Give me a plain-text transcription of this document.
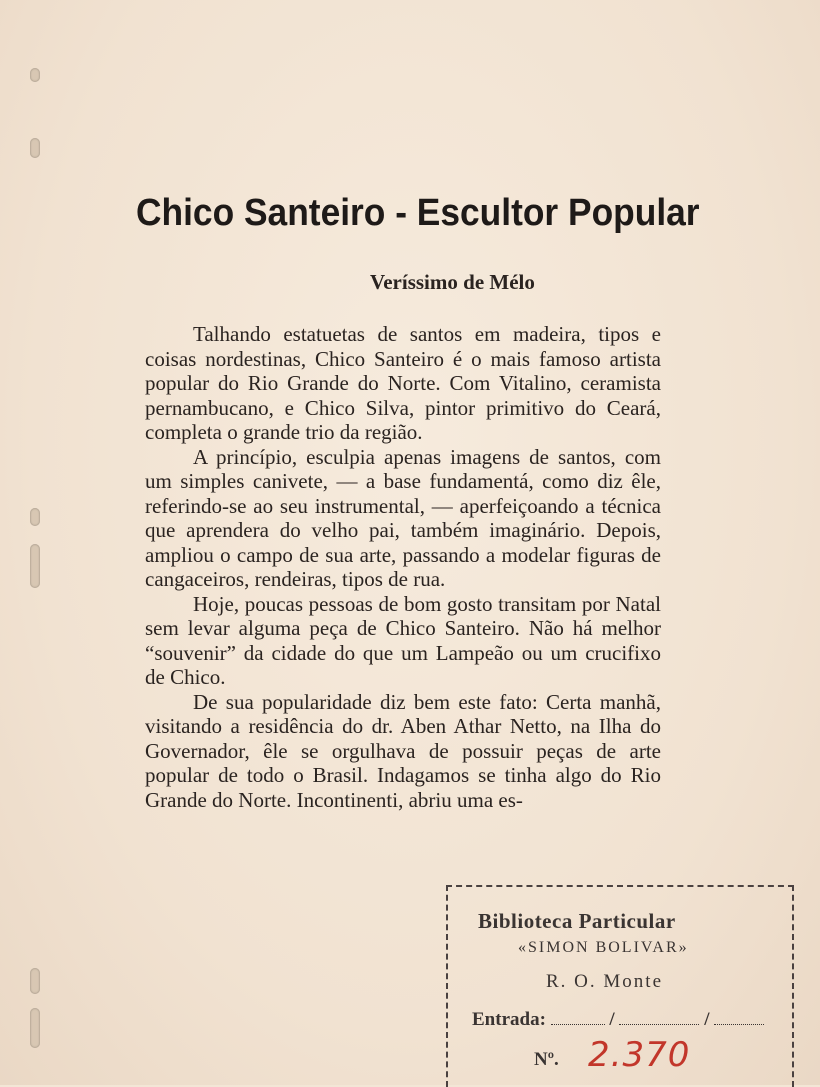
Chico Santeiro - Escultor Popular
Veríssimo de Mélo

Talhando estatuetas de santos em madeira, tipos e coisas nordestinas, Chico Santeiro é o mais famoso artista popular do Rio Grande do Norte. Com Vitalino, ceramista pernambucano, e Chico Silva, pintor primitivo do Ceará, completa o grande trio da região.

A princípio, esculpia apenas imagens de santos, com um simples canivete, — a base fundamentá, como diz êle, referindo-se ao seu instrumental, — aperfeiçoando a técnica que aprendera do velho pai, também imaginário. Depois, ampliou o campo de sua arte, passando a modelar figuras de cangaceiros, rendeiras, tipos de rua.

Hoje, poucas pessoas de bom gosto transitam por Natal sem levar alguma peça de Chico Santeiro. Não há melhor “souvenir” da cidade do que um Lampeão ou um crucifixo de Chico.

De sua popularidade diz bem este fato: Certa manhã, visitando a residência do dr. Aben Athar Netto, na Ilha do Governador, êle se orgulhava de possuir peças de arte popular de todo o Brasil. Indagamos se tinha algo do Rio Grande do Norte. Incontinenti, abriu uma es-

Biblioteca Particular
«SIMON BOLIVAR»
R. O. Monte
Entrada:	/	/
Nº. 2.370
